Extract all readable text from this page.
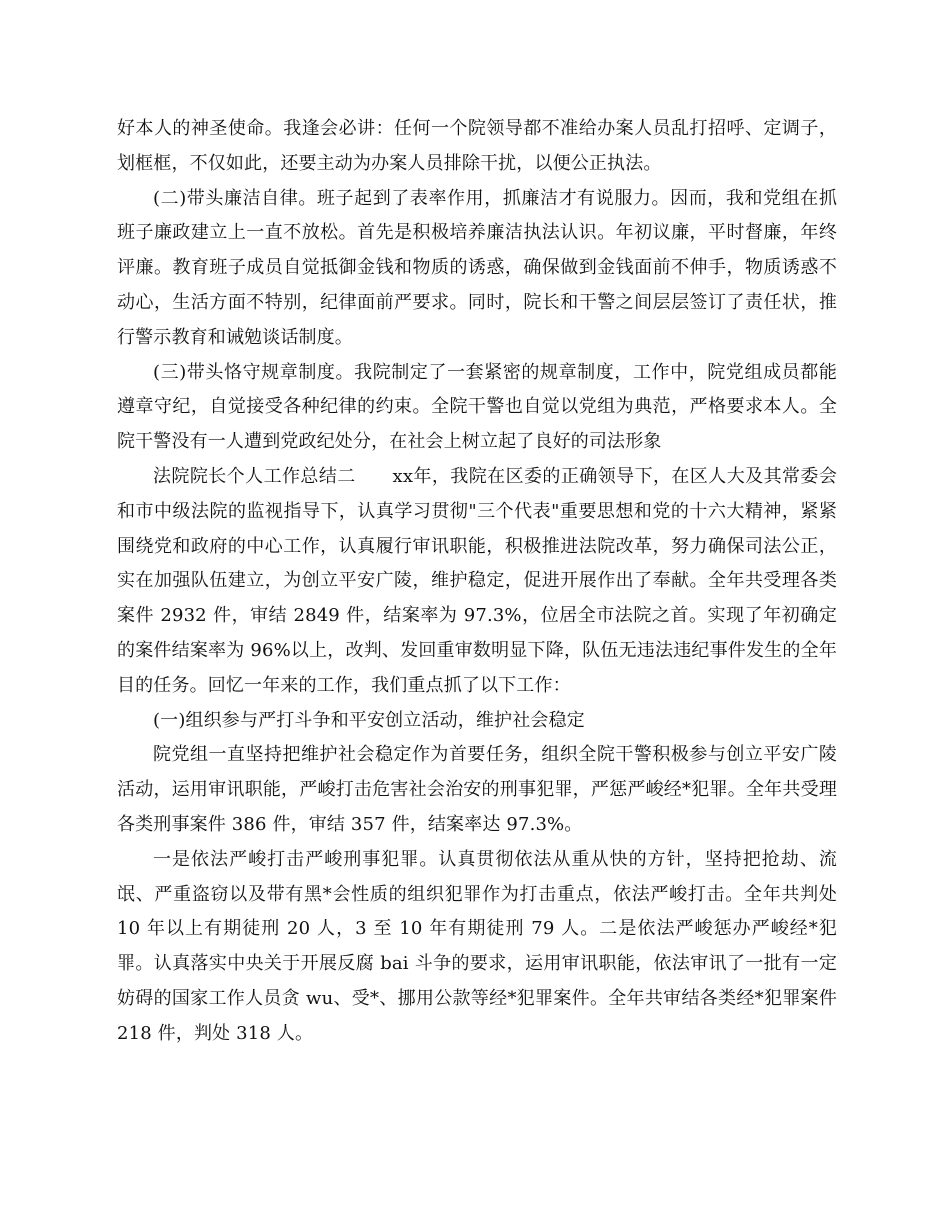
好本人的神圣使命。我逢会必讲：任何一个院领导都不准给办案人员乱打招呼、定调子，划框框，不仅如此，还要主动为办案人员排除干扰，以便公正执法。

(二)带头廉洁自律。班子起到了表率作用，抓廉洁才有说服力。因而，我和党组在抓班子廉政建立上一直不放松。首先是积极培养廉洁执法认识。年初议廉，平时督廉，年终评廉。教育班子成员自觉抵御金钱和物质的诱惑，确保做到金钱面前不伸手，物质诱惑不动心，生活方面不特别，纪律面前严要求。同时，院长和干警之间层层签订了责任状，推行警示教育和诫勉谈话制度。

(三)带头恪守规章制度。我院制定了一套紧密的规章制度，工作中，院党组成员都能遵章守纪，自觉接受各种纪律的约束。全院干警也自觉以党组为典范，严格要求本人。全院干警没有一人遭到党政纪处分，在社会上树立起了良好的司法形象

法院院长个人工作总结二　　xx年，我院在区委的正确领导下，在区人大及其常委会和市中级法院的监视指导下，认真学习贯彻"三个代表"重要思想和党的十六大精神，紧紧围绕党和政府的中心工作，认真履行审讯职能，积极推进法院改革，努力确保司法公正，实在加强队伍建立，为创立平安广陵，维护稳定，促进开展作出了奉献。全年共受理各类案件 2932 件，审结 2849 件，结案率为 97.3%，位居全市法院之首。实现了年初确定的案件结案率为 96%以上，改判、发回重审数明显下降，队伍无违法违纪事件发生的全年目的任务。回忆一年来的工作，我们重点抓了以下工作：

(一)组织参与严打斗争和平安创立活动，维护社会稳定

院党组一直坚持把维护社会稳定作为首要任务，组织全院干警积极参与创立平安广陵活动，运用审讯职能，严峻打击危害社会治安的刑事犯罪，严惩严峻经*犯罪。全年共受理各类刑事案件 386 件，审结 357 件，结案率达 97.3%。

一是依法严峻打击严峻刑事犯罪。认真贯彻依法从重从快的方针，坚持把抢劫、流氓、严重盗窃以及带有黑*会性质的组织犯罪作为打击重点，依法严峻打击。全年共判处 10 年以上有期徒刑 20 人，3 至 10 年有期徒刑 79 人。二是依法严峻惩办严峻经*犯罪。认真落实中央关于开展反腐 bai 斗争的要求，运用审讯职能，依法审讯了一批有一定妨碍的国家工作人员贪 wu、受*、挪用公款等经*犯罪案件。全年共审结各类经*犯罪案件 218 件，判处 318 人。
